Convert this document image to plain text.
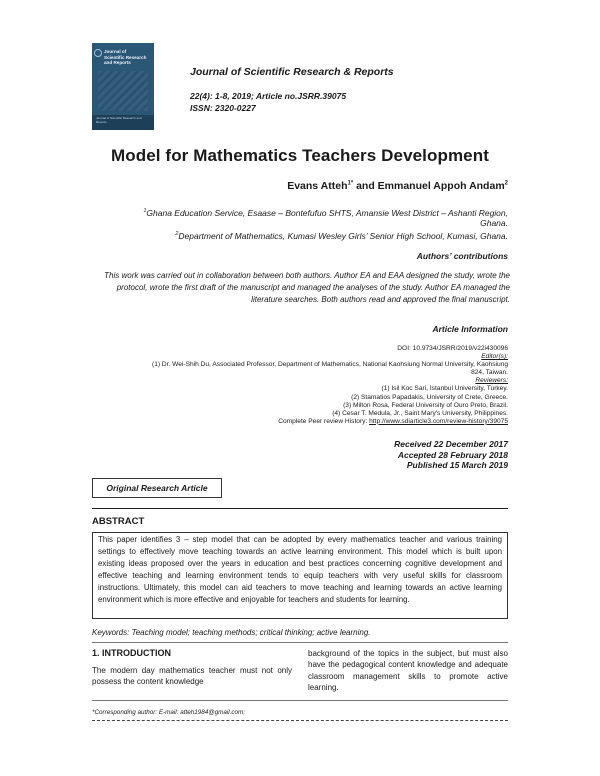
Journal of
Scientific Research
and Reports
Journal of Scientific Research and Reports
Journal of Scientific Research & Reports
22(4): 1-8, 2019; Article no.JSRR.39075
ISSN: 2320-0227
Model for Mathematics Teachers Development
Evans Atteh$^{1*}$ and Emmanuel Appoh Andam$^2$
$^1$Ghana Education Service, Esaase – Bontefufuo SHTS, Amansie West District – Ashanti Region,
Ghana.
$^2$Department of Mathematics, Kumasi Wesley Girls’ Senior High School, Kumasi, Ghana.
Authors’ contributions
This work was carried out in collaboration between both authors. Author EA and EAA designed the study, wrote the protocol, wrote the first draft of the manuscript and managed the analyses of the study. Author EA managed the literature searches. Both authors read and approved the final manuscript.
Article Information
DOI: 10.9734/JSRR/2019/v22i430096
Editor(s):
(1) Dr. Wei-Shih Du, Associated Professor, Department of Mathematics, National Kaohsiung Normal University, Kaohsiung
824, Taiwan.
Reviewers:
(1) Isil Koc Sari, Istanbul University, Turkey.
(2) Stamatios Papadakis, University of Crete, Greece.
(3) Milton Rosa, Federal University of Ouro Preto, Brazil.
(4) Cesar T. Medula, Jr., Saint Mary's University, Philippines.
Complete Peer review History: http://www.sdiarticle3.com/review-history/39075
Received 22 December 2017
Accepted 28 February 2018
Published 15 March 2019
Original Research Article
ABSTRACT
This paper identifies 3 – step model that can be adopted by every mathematics teacher and various training settings to effectively move teaching towards an active learning environment. This model which is built upon existing ideas proposed over the years in education and best practices concerning cognitive development and effective teaching and learning environment tends to equip teachers with very useful skills for classroom instructions. Ultimately, this model can aid teachers to move teaching and learning towards an active learning environment which is more effective and enjoyable for teachers and students for learning.
Keywords: Teaching model; teaching methods; critical thinking; active learning.
1. INTRODUCTION
The modern day mathematics teacher must not only possess the content knowledge
background of the topics in the subject, but must also have the pedagogical content knowledge and adequate classroom management skills to promote active learning.
*Corresponding author: E-mail: atteh1984@gmail.com;
